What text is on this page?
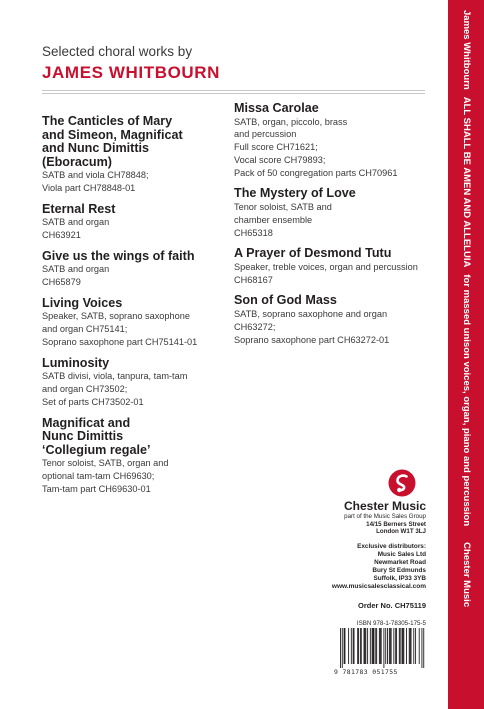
Selected choral works by
JAMES WHITBOURN
The Canticles of Mary
and Simeon, Magnificat
and Nunc Dimittis
(Eboracum)
SATB and viola CH78848;
Viola part CH78848-01
Eternal Rest
SATB and organ
CH63921
Give us the wings of faith
SATB and organ
CH65879
Living Voices
Speaker, SATB, soprano saxophone
and organ CH75141;
Soprano saxophone part CH75141-01
Luminosity
SATB divisi, viola, tanpura, tam-tam
and organ CH73502;
Set of parts CH73502-01
Magnificat and
Nunc Dimittis
‘Collegium regale’
Tenor soloist, SATB, organ and
optional tam-tam CH69630;
Tam-tam part CH69630-01
Missa Carolae
SATB, organ, piccolo, brass
and percussion
Full score CH71621;
Vocal score CH79893;
Pack of 50 congregation parts CH70961
The Mystery of Love
Tenor soloist, SATB and
chamber ensemble
CH65318
A Prayer of Desmond Tutu
Speaker, treble voices, organ and percussion
CH68167
Son of God Mass
SATB, soprano saxophone and organ
CH63272;
Soprano saxophone part CH63272-01
James Whitbourn
ALL SHALL BE AMEN AND ALLELUIA
for massed unison voices, organ, piano and percussion
Chester Music
Chester Music
part of the Music Sales Group
14/15 Berners Street
London W1T 3LJ
Exclusive distributors:
Music Sales Ltd
Newmarket Road
Bury St Edmunds
Suffolk, IP33 3YB
www.musicsalesclassical.com
Order No. CH75119
ISBN 978-1-78305-175-5
9 781783 051755
